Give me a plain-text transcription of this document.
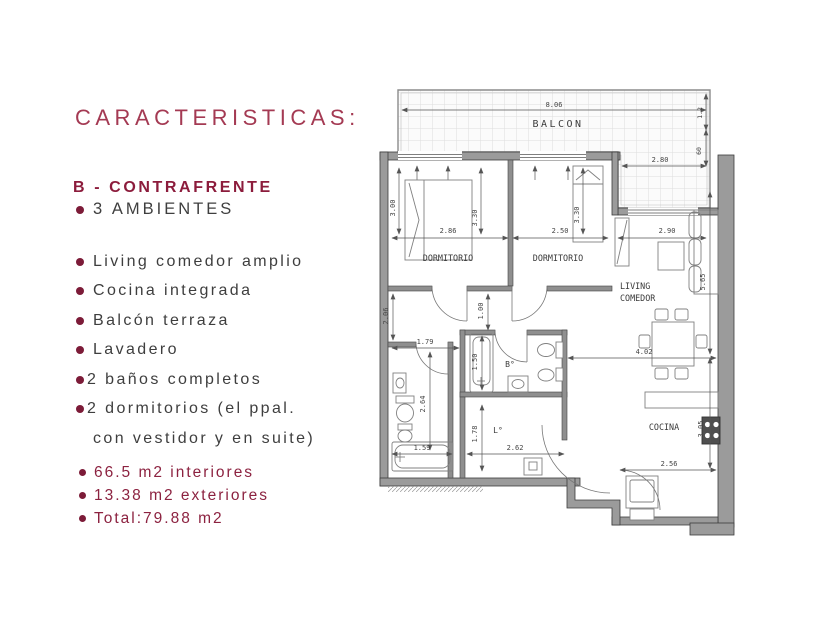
CARACTERISTICAS:
B - CONTRAFRENTE
3 AMBIENTES
Living comedor amplio
Cocina integrada
Balcón terraza
Lavadero
2 baños completos
2 dormitorios (el ppal.
con vestidor y en suite)
66.5 m2 interiores
13.38 m2 exteriores
Total:79.88 m2
8.06
BALCON
2.80
1.2
60
3.00
2.86
3.30
2.50
3.30
DORMITORIO	DORMITORIO
2.90
LIVING
COMEDOR
5.65
4.02
2.06
1.79
1.00
1.50	B°
2.64
1.59
1.78 L°
2.62
COCINA	3.05
2.56
